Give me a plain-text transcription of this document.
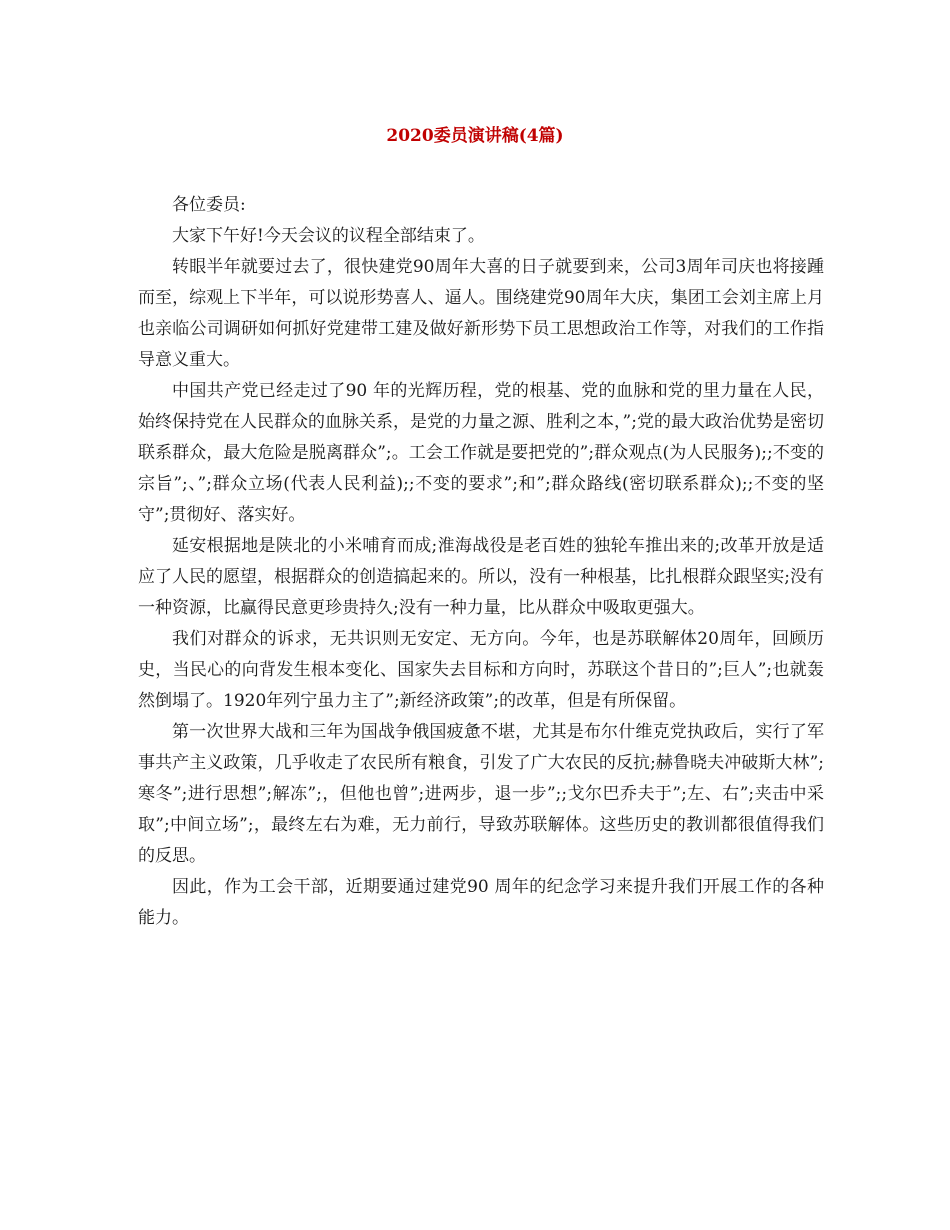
2020委员演讲稿(4篇)

各位委员:

大家下午好!今天会议的议程全部结束了。

转眼半年就要过去了，很快建党90周年大喜的日子就要到来，公司3周年司庆也将接踵而至，综观上下半年，可以说形势喜人、逼人。围绕建党90周年大庆，集团工会刘主席上月也亲临公司调研如何抓好党建带工建及做好新形势下员工思想政治工作等，对我们的工作指导意义重大。

中国共产党已经走过了90 年的光辉历程，党的根基、党的血脉和党的里力量在人民，始终保持党在人民群众的血脉关系，是党的力量之源、胜利之本，”;党的最大政治优势是密切联系群众，最大危险是脱离群众”;。工会工作就是要把党的”;群众观点(为人民服务);;不变的宗旨”;、”;群众立场(代表人民利益);;不变的要求”;和”;群众路线(密切联系群众);;不变的坚守”;贯彻好、落实好。

延安根据地是陕北的小米哺育而成;淮海战役是老百姓的独轮车推出来的;改革开放是适应了人民的愿望，根据群众的创造搞起来的。所以，没有一种根基，比扎根群众跟坚实;没有一种资源，比赢得民意更珍贵持久;没有一种力量，比从群众中吸取更强大。

我们对群众的诉求，无共识则无安定、无方向。今年，也是苏联解体20周年，回顾历史，当民心的向背发生根本变化、国家失去目标和方向时，苏联这个昔日的”;巨人”;也就轰然倒塌了。1920年列宁虽力主了”;新经济政策”;的改革，但是有所保留。

第一次世界大战和三年为国战争俄国疲惫不堪，尤其是布尔什维克党执政后，实行了军事共产主义政策，几乎收走了农民所有粮食，引发了广大农民的反抗;赫鲁晓夫冲破斯大林”;寒冬”;进行思想”;解冻”;，但他也曾”;进两步，退一步”;;戈尔巴乔夫于”;左、右”;夹击中采取”;中间立场”;，最终左右为难，无力前行，导致苏联解体。这些历史的教训都很值得我们的反思。

因此，作为工会干部，近期要通过建党90 周年的纪念学习来提升我们开展工作的各种能力。
